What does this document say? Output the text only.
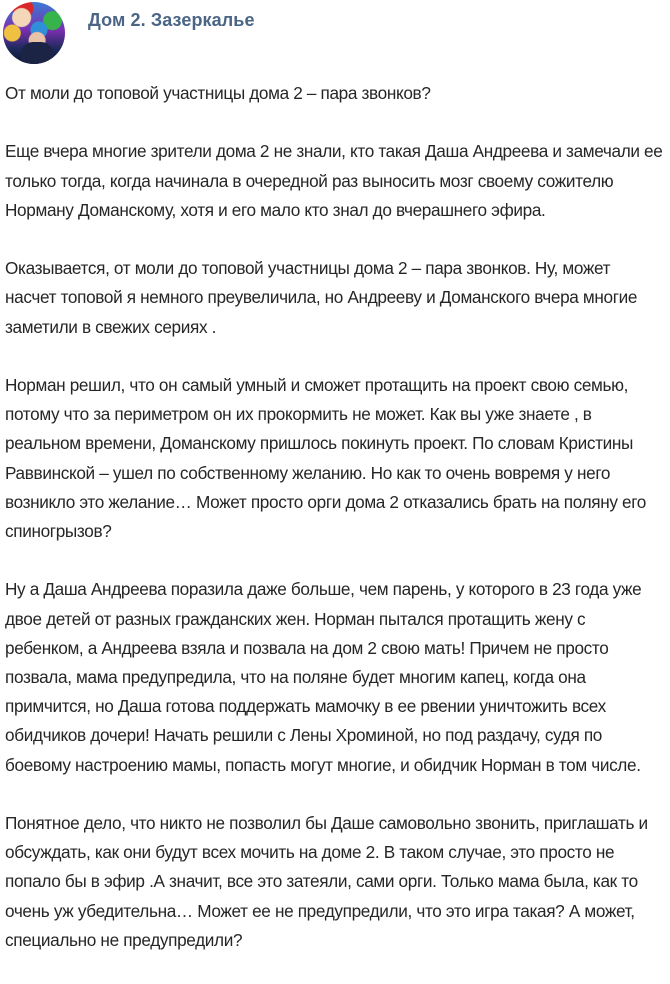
Дом 2. Зазеркалье

От моли до топовой участницы дома 2 – пара звонков?

Еще вчера многие зрители дома 2 не знали, кто такая Даша Андреева и замечали ее только тогда, когда начинала в очередной раз выносить мозг своему сожителю Норману Доманскому, хотя и его мало кто знал до вчерашнего эфира.

Оказывается, от моли до топовой участницы дома 2 – пара звонков. Ну, может насчет топовой я немного преувеличила, но Андрееву и Доманского вчера многие заметили в свежих сериях .

Норман решил, что он самый умный и сможет протащить на проект свою семью, потому что за периметром он их прокормить не может. Как вы уже знаете , в реальном времени, Доманскому пришлось покинуть проект. По словам Кристины Раввинской – ушел по собственному желанию. Но как то очень вовремя у него возникло это желание… Может просто орги дома 2 отказались брать на поляну его спиногрызов?

Ну а Даша Андреева поразила даже больше, чем парень, у которого в 23 года уже двое детей от разных гражданских жен. Норман пытался протащить жену с ребенком, а Андреева взяла и позвала на дом 2 свою мать! Причем не просто позвала, мама предупредила, что на поляне будет многим капец, когда она примчится, но Даша готова поддержать мамочку в ее рвении уничтожить всех обидчиков дочери! Начать решили с Лены Хроминой, но под раздачу, судя по боевому настроению мамы, попасть могут многие, и обидчик Норман в том числе.

Понятное дело, что никто не позволил бы Даше самовольно звонить, приглашать и обсуждать, как они будут всех мочить на доме 2. В таком случае, это просто не попало бы в эфир .А значит, все это затеяли, сами орги. Только мама была, как то очень уж убедительна… Может ее не предупредили, что это игра такая? А может, специально не предупредили?
